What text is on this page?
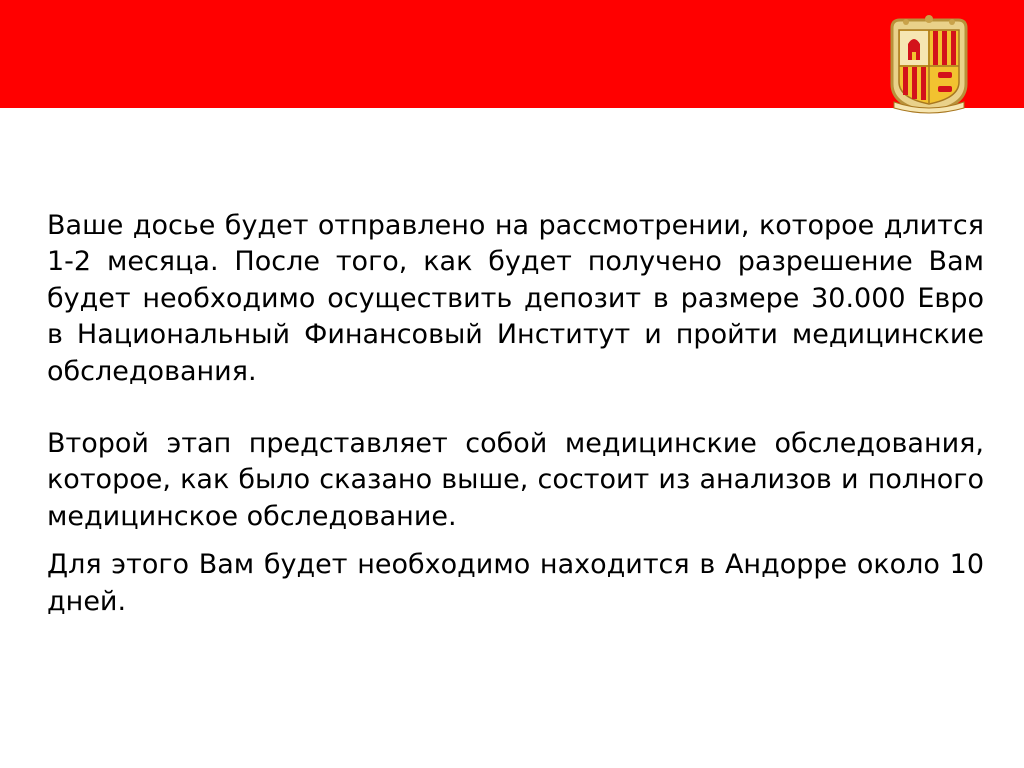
Ваше досье будет отправлено на рассмотрении, которое длится 1-2 месяца. После того, как будет получено разрешение Вам будет необходимо осуществить депозит в размере 30.000 Евро в Национальный Финансовый Институт и пройти медицинские обследования.

Второй этап представляет собой медицинские обследования, которое, как было сказано выше, состоит из анализов и полного медицинское обследование.

Для этого Вам будет необходимо находится в Андорре около 10 дней.
